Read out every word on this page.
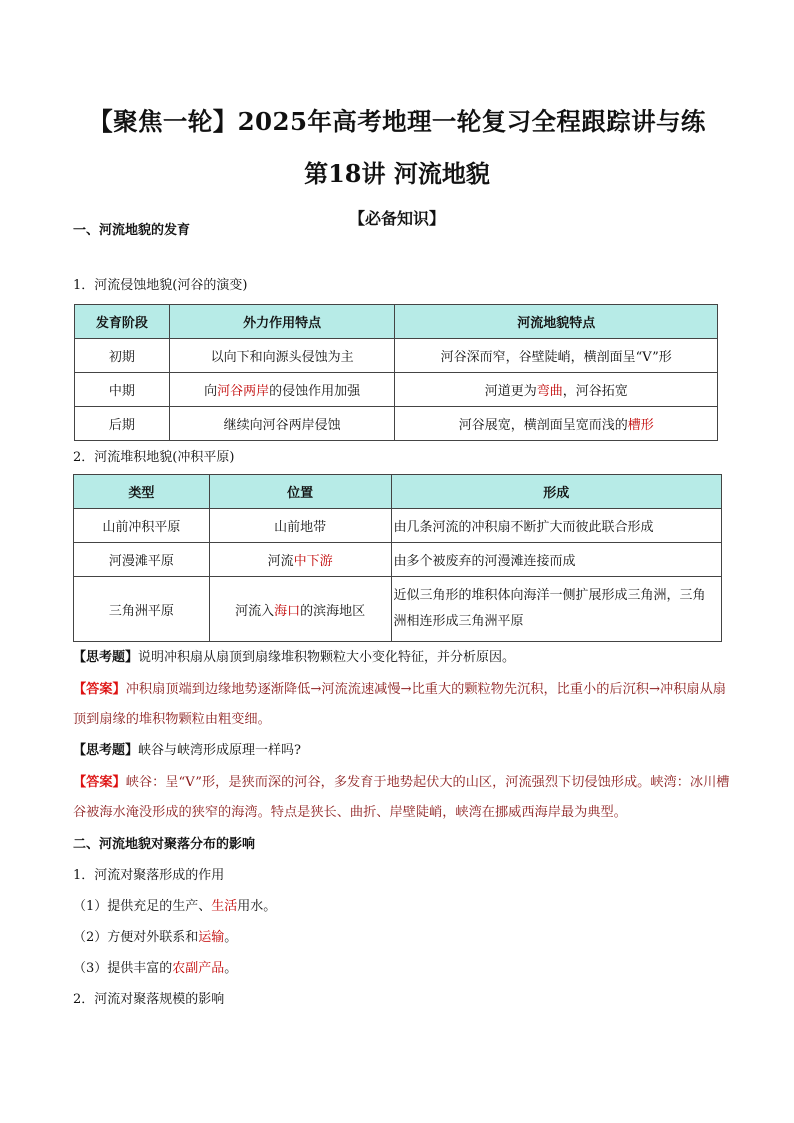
【聚焦一轮】2025年高考地理一轮复习全程跟踪讲与练
第18讲 河流地貌
【必备知识】
一、河流地貌的发育
1．河流侵蚀地貌(河谷的演变)
发育阶段	外力作用特点	河流地貌特点
初期	以向下和向源头侵蚀为主	河谷深而窄，谷壁陡峭，横剖面呈“V”形
中期	向河谷两岸的侵蚀作用加强	河道更为弯曲，河谷拓宽
后期	继续向河谷两岸侵蚀	河谷展宽，横剖面呈宽而浅的槽形
2．河流堆积地貌(冲积平原)
类型	位置	形成
山前冲积平原	山前地带	由几条河流的冲积扇不断扩大而彼此联合形成
河漫滩平原	河流中下游	由多个被废弃的河漫滩连接而成
三角洲平原	河流入海口的滨海地区	近似三角形的堆积体向海洋一侧扩展形成三角洲，三角洲相连形成三角洲平原
【思考题】说明冲积扇从扇顶到扇缘堆积物颗粒大小变化特征，并分析原因。
【答案】冲积扇顶端到边缘地势逐渐降低→河流流速减慢→比重大的颗粒物先沉积，比重小的后沉积→冲积扇从扇顶到扇缘的堆积物颗粒由粗变细。
【思考题】峡谷与峡湾形成原理一样吗?
【答案】峡谷：呈“V”形，是狭而深的河谷，多发育于地势起伏大的山区，河流强烈下切侵蚀形成。峡湾：冰川槽谷被海水淹没形成的狭窄的海湾。特点是狭长、曲折、岸壁陡峭，峡湾在挪威西海岸最为典型。
二、河流地貌对聚落分布的影响
1．河流对聚落形成的作用
（1）提供充足的生产、生活用水。
（2）方便对外联系和运输。
（3）提供丰富的农副产品。
2．河流对聚落规模的影响
